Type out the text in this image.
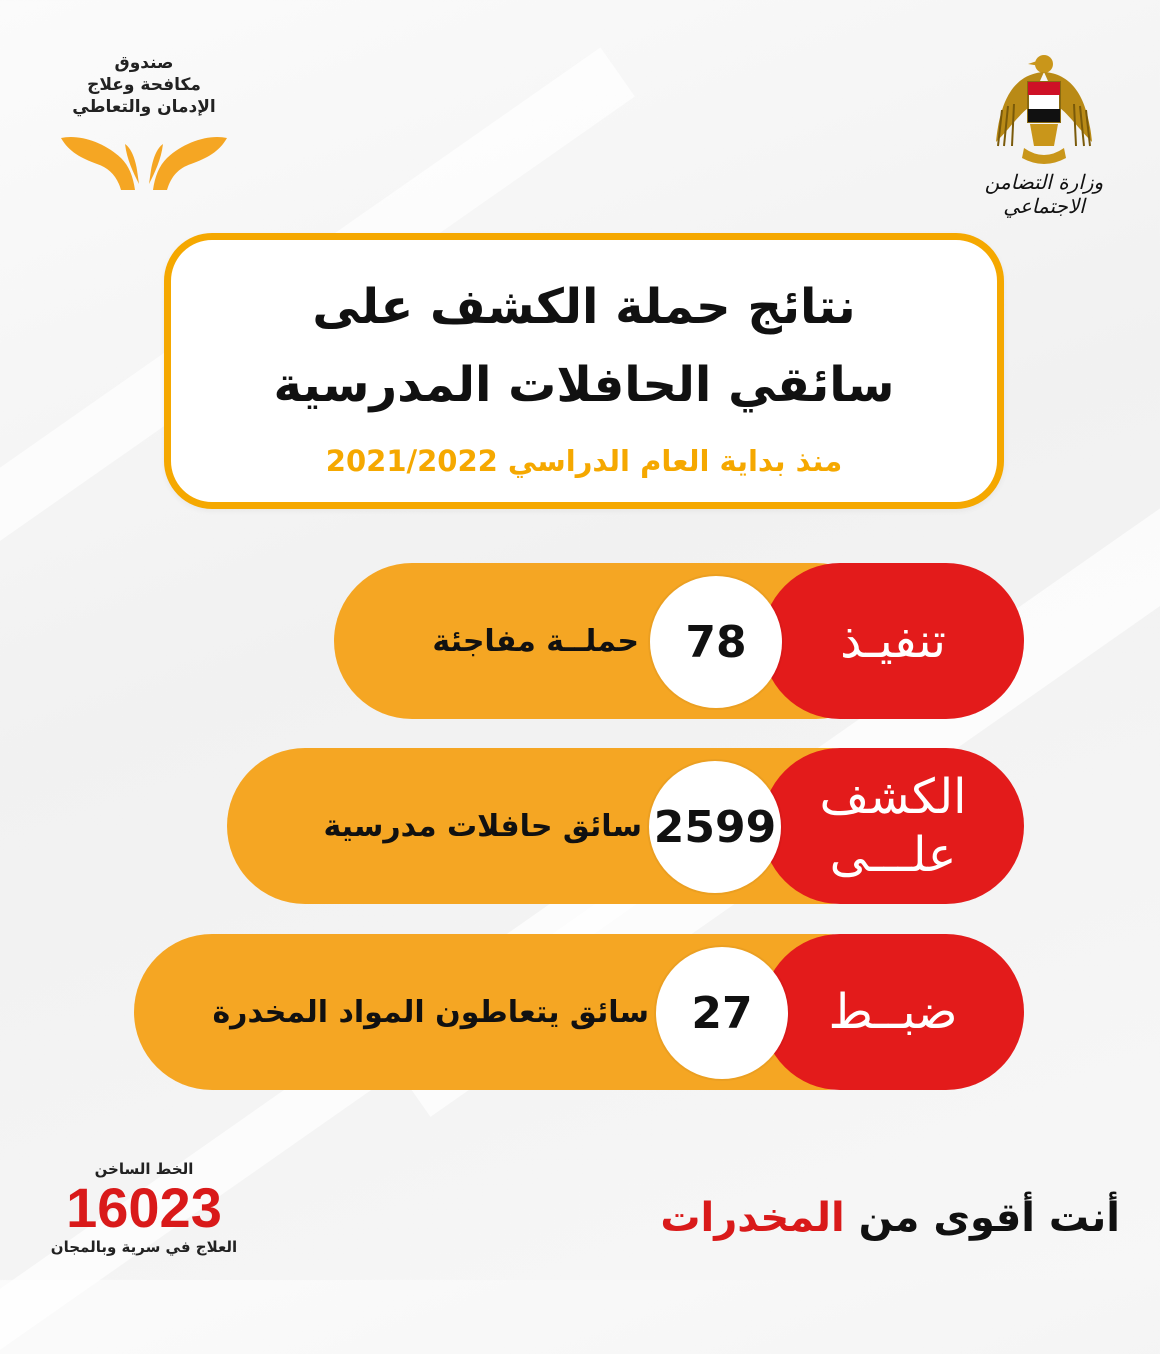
صندوق
مكافحة وعلاج
الإدمان والتعاطي
وزارة التضامن الاجتماعي
نتائج حملة الكشف على
سائقي الحافلات المدرسية
منذ بداية العام الدراسي 2021/2022
تنفيـذ
78
حملــة مفاجئة
الكشف
علـــى
2599
سائق حافلات مدرسية
ضبــط
27
سائق يتعاطون المواد المخدرة
الخط الساخن
16023
العلاج في سرية وبالمجان
أنت أقوى من المخدرات
